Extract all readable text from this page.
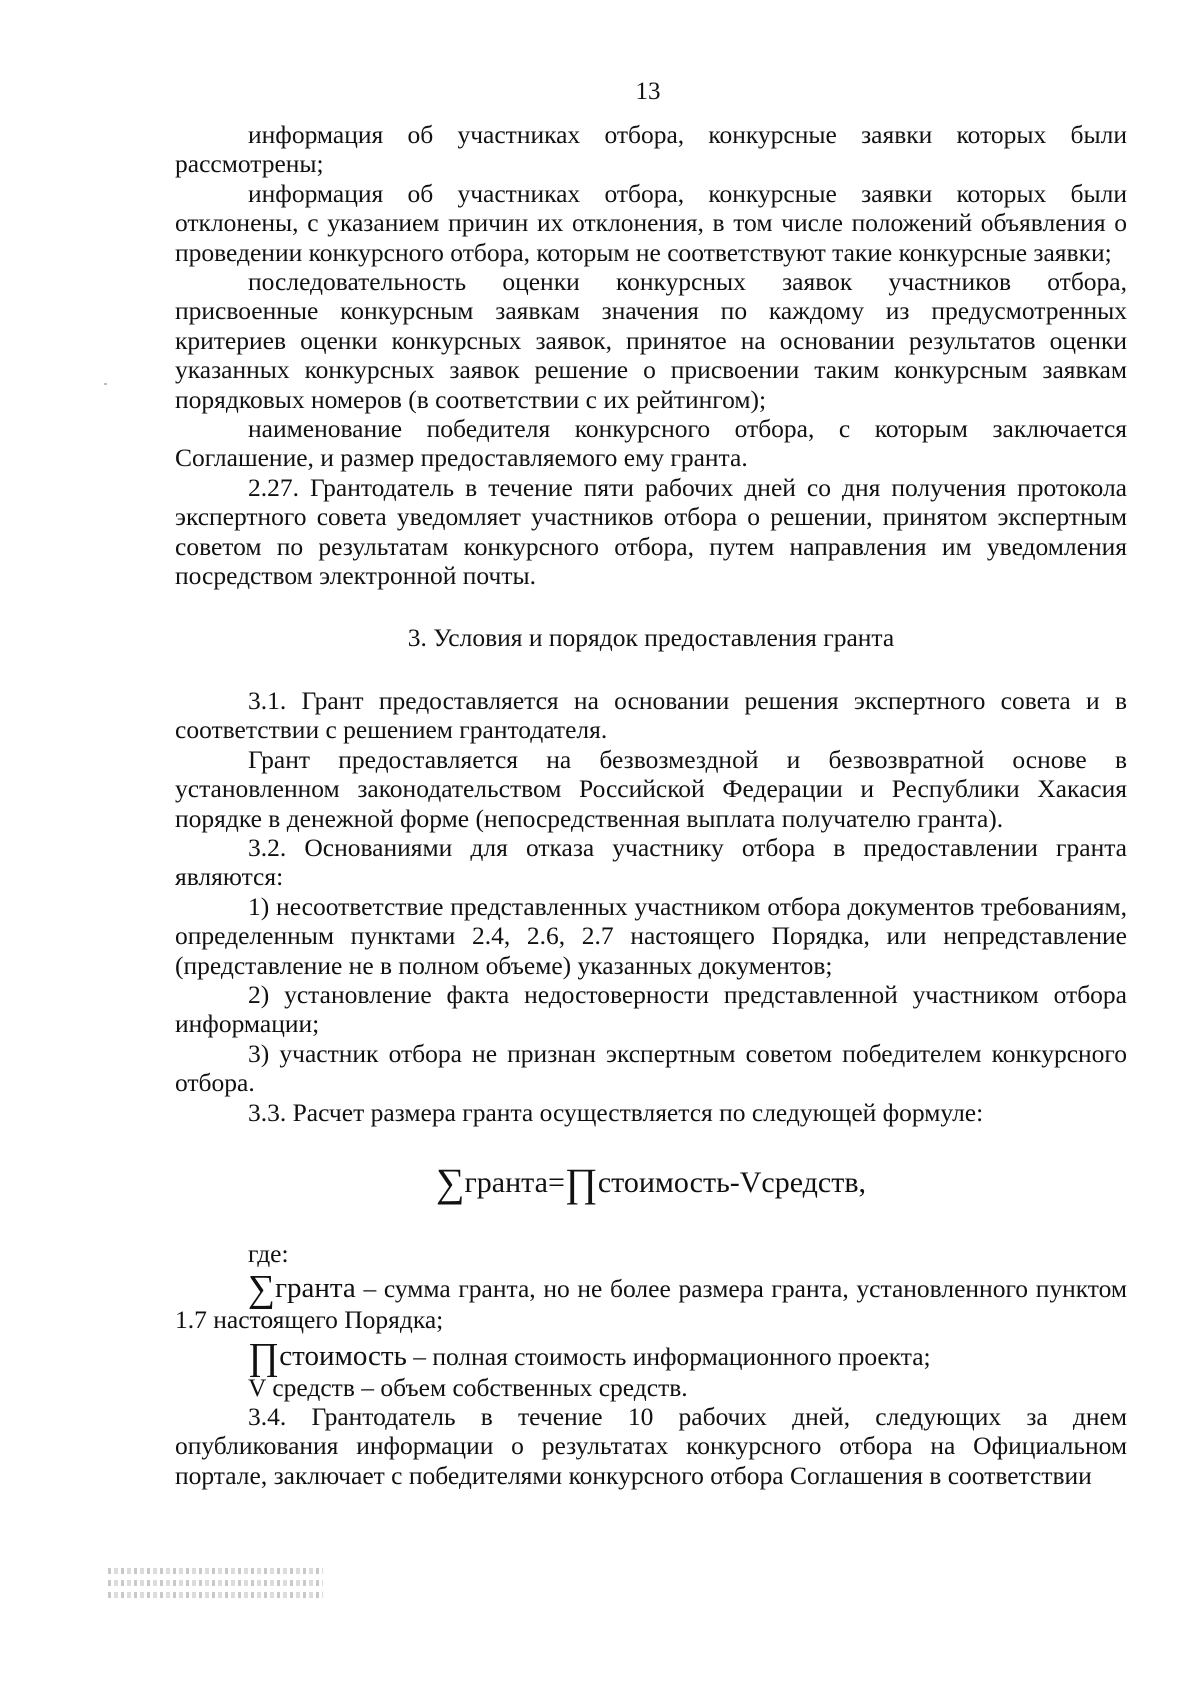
13

информация об участниках отбора, конкурсные заявки которых были рассмотрены;

информация об участниках отбора, конкурсные заявки которых были отклонены, с указанием причин их отклонения, в том числе положений объявления о проведении конкурсного отбора, которым не соответствуют такие конкурсные заявки;

последовательность оценки конкурсных заявок участников отбора, присвоенные конкурсным заявкам значения по каждому из предусмотренных критериев оценки конкурсных заявок, принятое на основании результатов оценки указанных конкурсных заявок решение о присвоении таким конкурсным заявкам порядковых номеров (в соответствии с их рейтингом);

наименование победителя конкурсного отбора, с которым заключается Соглашение, и размер предоставляемого ему гранта.

2.27. Грантодатель в течение пяти рабочих дней со дня получения протокола экспертного совета уведомляет участников отбора о решении, принятом экспертным советом по результатам конкурсного отбора, путем направления им уведомления посредством электронной почты.

3. Условия и порядок предоставления гранта

3.1. Грант предоставляется на основании решения экспертного совета и в соответствии с решением грантодателя.

Грант предоставляется на безвозмездной и безвозвратной основе в установленном законодательством Российской Федерации и Республики Хакасия порядке в денежной форме (непосредственная выплата получателю гранта).

3.2. Основаниями для отказа участнику отбора в предоставлении гранта являются:

1) несоответствие представленных участником отбора документов требованиям, определенным пунктами 2.4, 2.6, 2.7 настоящего Порядка, или непредставление (представление не в полном объеме) указанных документов;

2) установление факта недостоверности представленной участником отбора информации;

3) участник отбора не признан экспертным советом победителем конкурсного отбора.

3.3. Расчет размера гранта осуществляется по следующей формуле:

∑гранта=∏стоимость-Vсредств,

где:

∑гранта – сумма гранта, но не более размера гранта, установленного пунктом 1.7 настоящего Порядка;

∏стоимость – полная стоимость информационного проекта;

V средств – объем собственных средств.

3.4. Грантодатель в течение 10 рабочих дней, следующих за днем опубликования информации о результатах конкурсного отбора на Официальном портале, заключает с победителями конкурсного отбора Соглашения в соответствии
